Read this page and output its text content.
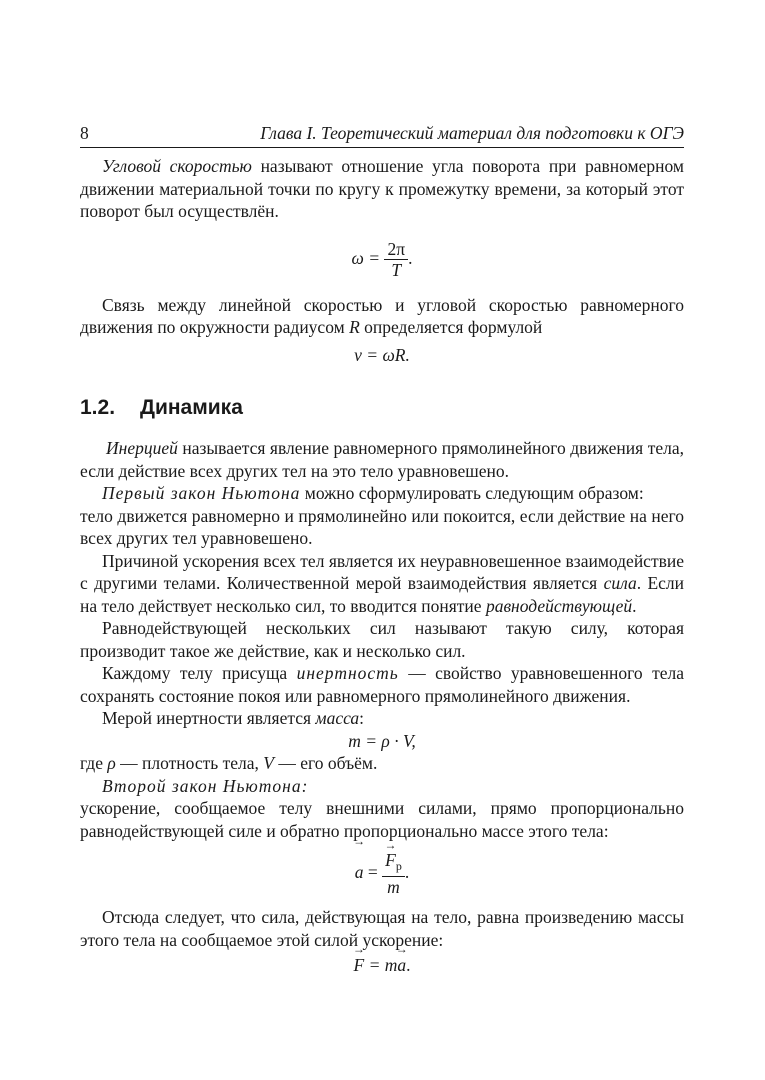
8	Глава I. Теоретический материал для подготовки к ОГЭ

Угловой скоростью называют отношение угла поворота при равномерном движении материальной точки по кругу к промежутку времени, за который этот поворот был осуществлён.

$\omega = \frac{2\pi}{T}$ .

Связь между линейной скоростью и угловой скоростью равномерного движения по окружности радиусом R определяется формулой

v = ωR.

1.2. Динамика

Инерцией называется явление равномерного прямолинейного движения тела, если действие всех других тел на это тело уравновешено.

Первый закон Ньютона можно сформулировать следующим образом:

тело движется равномерно и прямолинейно или покоится, если действие на него всех других тел уравновешено.

Причиной ускорения всех тел является их неуравновешенное взаимодействие с другими телами. Количественной мерой взаимодействия является сила. Если на тело действует несколько сил, то вводится понятие равнодействующей.

Равнодействующей нескольких сил называют такую силу, которая производит такое же действие, как и несколько сил.

Каждому телу присуща инертность — свойство уравновешенного тела сохранять состояние покоя или равномерного прямолинейного движения.

Мерой инертности является масса:

m = ρ · V,

где ρ — плотность тела, V — его объём.

Второй закон Ньютона:

ускорение, сообщаемое телу внешними силами, прямо пропорционально равнодействующей силе и обратно пропорционально массе этого тела:

→ a =
→ $\frac{F_р}{m}$ .

Отсюда следует, что сила, действующая на тело, равна произведению массы этого тела на сообщаемое этой силой ускорение:

→ F = m→ a.
